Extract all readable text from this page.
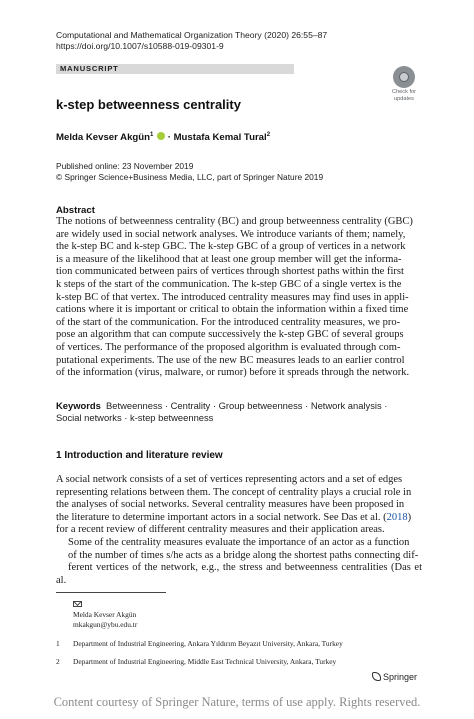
Computational and Mathematical Organization Theory (2020) 26:55–87
https://doi.org/10.1007/s10588-019-09301-9
MANUSCRIPT
Check for
updates
k-step betweenness centrality
Melda Kevser Akgün$^1$  · Mustafa Kemal Tural$^2$
Published online: 23 November 2019
© Springer Science+Business Media, LLC, part of Springer Nature 2019
Abstract
The notions of betweenness centrality (BC) and group betweenness centrality (GBC)
are widely used in social network analyses. We introduce variants of them; namely,
the k-step BC and k-step GBC. The k-step GBC of a group of vertices in a network
is a measure of the likelihood that at least one group member will get the informa-
tion communicated between pairs of vertices through shortest paths within the first
k steps of the start of the communication. The k-step GBC of a single vertex is the
k-step BC of that vertex. The introduced centrality measures may find uses in appli-
cations where it is important or critical to obtain the information within a fixed time
of the start of the communication. For the introduced centrality measures, we pro-
pose an algorithm that can compute successively the k-step GBC of several groups
of vertices. The performance of the proposed algorithm is evaluated through com-
putational experiments. The use of the new BC measures leads to an earlier control
of the information (virus, malware, or rumor) before it spreads through the network.
Keywords Betweenness · Centrality · Group betweenness · Network analysis ·
Social networks · k-step betweenness
1 Introduction and literature review
A social network consists of a set of vertices representing actors and a set of edges
representing relations between them. The concept of centrality plays a crucial role in
the analyses of social networks. Several centrality measures have been proposed in
the literature to determine important actors in a social network. See Das et al. (2018)
for a recent review of different centrality measures and their application areas.
Some of the centrality measures evaluate the importance of an actor as a function
of the number of times s/he acts as a bridge along the shortest paths connecting dif-
ferent vertices of the network, e.g., the stress and betweenness centralities (Das et al.
Melda Kevser Akgün
mkakgun@ybu.edu.tr
1 Department of Industrial Engineering, Ankara Yıldırım Beyazıt University, Ankara, Turkey
2 Department of Industrial Engineering, Middle East Technical University, Ankara, Turkey
Springer
Content courtesy of Springer Nature, terms of use apply. Rights reserved.
